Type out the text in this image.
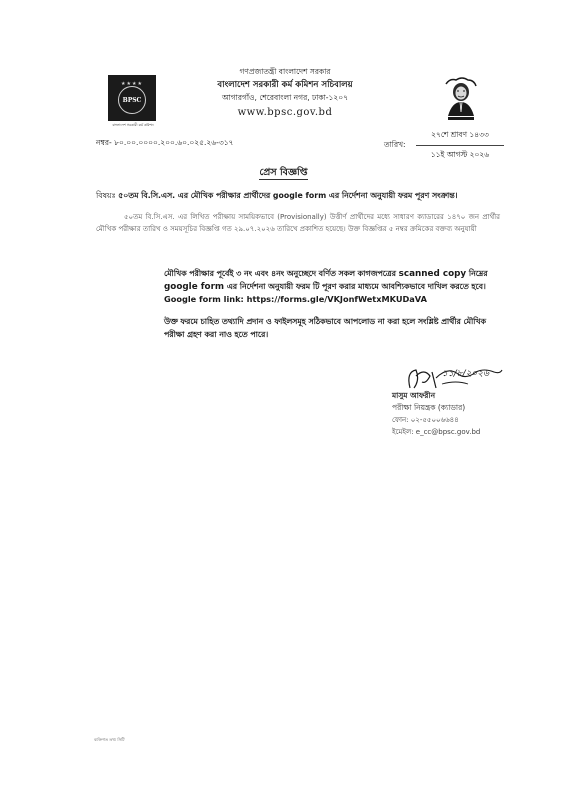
★★★★
BPSC
বাংলাদেশ সরকারী কর্ম কমিশন
গণপ্রজাতন্ত্রী বাংলাদেশ সরকার
বাংলাদেশ সরকারী কর্ম কমিশন সচিবালয়
আগারগাঁও, শেরেবাংলা নগর, ঢাকা-১২০৭
www.bpsc.gov.bd
নম্বর- ৮০.০০.০০০০.২০০.৬০.০২৫.২৬-৩১৭	তারিখ:
২৭শে শ্রাবণ ১৪৩৩
১১ই আগস্ট ২০২৬
প্রেস বিজ্ঞপ্তি
বিষয়ঃ ৫০তম বি.সি.এস. এর মৌখিক পরীক্ষার প্রার্থীদের google form এর নির্দেশনা অনুযায়ী ফরম পূরণ সংক্রান্ত।
৫০তম বি.সি.এস. এর লিখিত পরীক্ষায় সাময়িকভাবে (Provisionally) উত্তীর্ণ প্রার্থীদের মধ্যে সাধারণ ক্যাডারের ১৪৭০ জন প্রার্থীর মৌখিক পরীক্ষার তারিখ ও সময়সূচির বিজ্ঞপ্তি গত ২৯.০৭.২০২৬ তারিখে প্রকাশিত হয়েছে। উক্ত বিজ্ঞপ্তির ৫ নম্বর ক্রমিকের বক্তব্য অনুযায়ী
মৌখিক পরীক্ষার পূর্বেই ৩ নং এবং ৪নং অনুচ্ছেদে বর্ণিত সকল কাগজপত্রের scanned copy নিম্নের google form এর নির্দেশনা অনুযায়ী ফরম টি পূরণ করার মাধ্যমে আবশ্যিকভাবে দাখিল করতে হবে।
Google form link: https://forms.gle/VKJonfWetxMKUDaVA
উক্ত ফরমে চাহিত তথ্যাদি প্রদান ও ফাইলসমূহ সঠিকভাবে আপলোড না করা হলে সংশ্লিষ্ট প্রার্থীর মৌখিক পরীক্ষা গ্রহণ করা নাও হতে পারে।
১১/৮/২০২৬
মাসুম আফরীন
পরীক্ষা নিয়ন্ত্রক (ক্যাডার)
ফোন: ০২-৫৫০০৬৬৪৪
ইমেইল: e_cc@bpsc.gov.bd
ব্যক্তিগত তথ্য সিটি
